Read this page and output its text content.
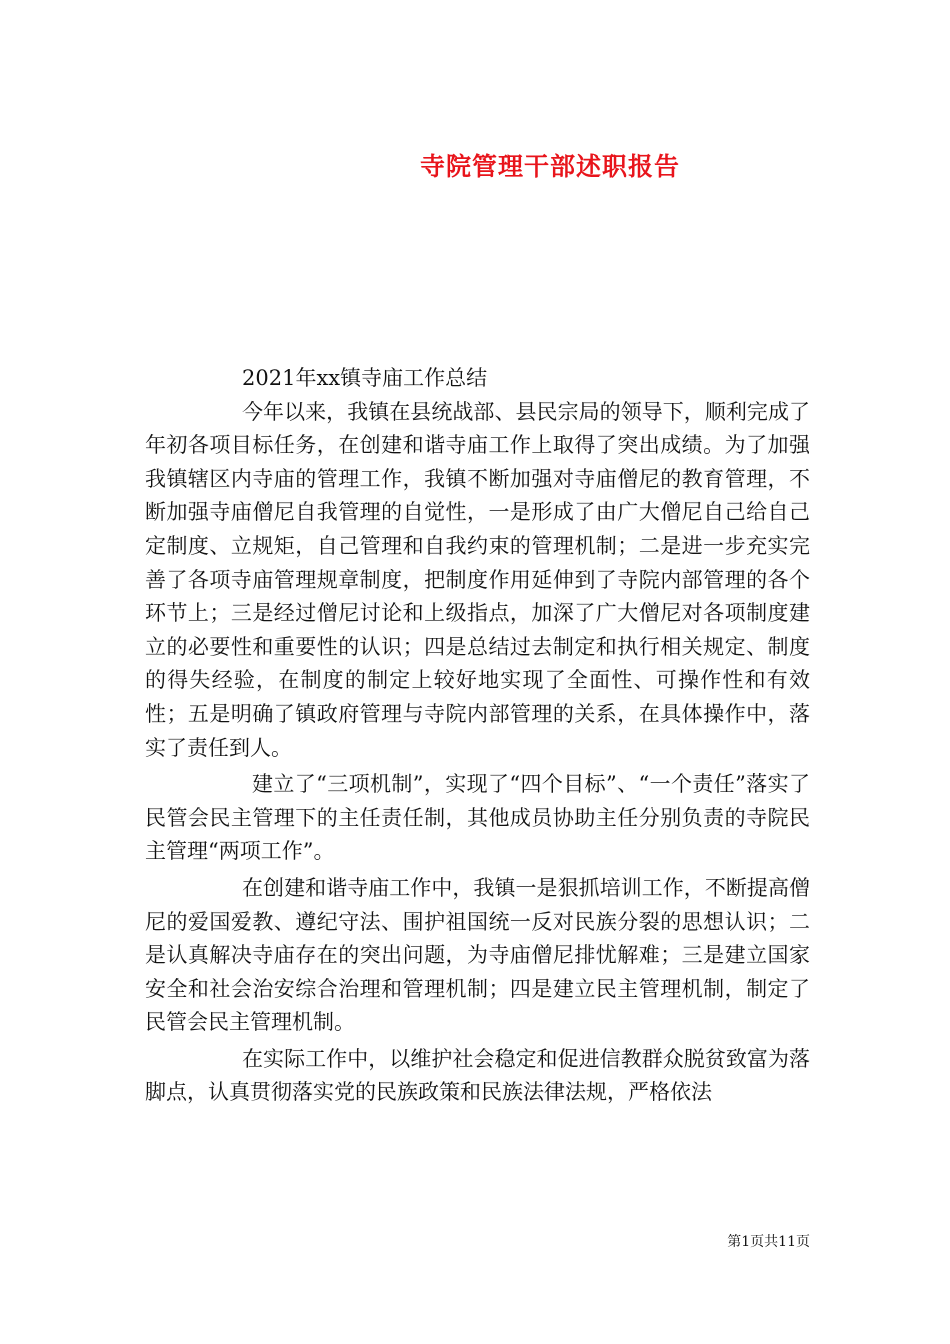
寺院管理干部述职报告

2021年xx镇寺庙工作总结

今年以来，我镇在县统战部、县民宗局的领导下，顺利完成了年初各项目标任务，在创建和谐寺庙工作上取得了突出成绩。为了加强我镇辖区内寺庙的管理工作，我镇不断加强对寺庙僧尼的教育管理，不断加强寺庙僧尼自我管理的自觉性，一是形成了由广大僧尼自己给自己定制度、立规矩，自己管理和自我约束的管理机制；二是进一步充实完善了各项寺庙管理规章制度，把制度作用延伸到了寺院内部管理的各个环节上；三是经过僧尼讨论和上级指点，加深了广大僧尼对各项制度建立的必要性和重要性的认识；四是总结过去制定和执行相关规定、制度的得失经验，在制度的制定上较好地实现了全面性、可操作性和有效性；五是明确了镇政府管理与寺院内部管理的关系，在具体操作中，落实了责任到人。

建立了“三项机制”，实现了“四个目标”、“一个责任”落实了民管会民主管理下的主任责任制，其他成员协助主任分别负责的寺院民主管理“两项工作”。

在创建和谐寺庙工作中，我镇一是狠抓培训工作，不断提高僧尼的爱国爱教、遵纪守法、围护祖国统一反对民族分裂的思想认识；二是认真解决寺庙存在的突出问题，为寺庙僧尼排忧解难；三是建立国家安全和社会治安综合治理和管理机制；四是建立民主管理机制，制定了民管会民主管理机制。

在实际工作中，以维护社会稳定和促进信教群众脱贫致富为落脚点，认真贯彻落实党的民族政策和民族法律法规，严格依法

第1页共11页
